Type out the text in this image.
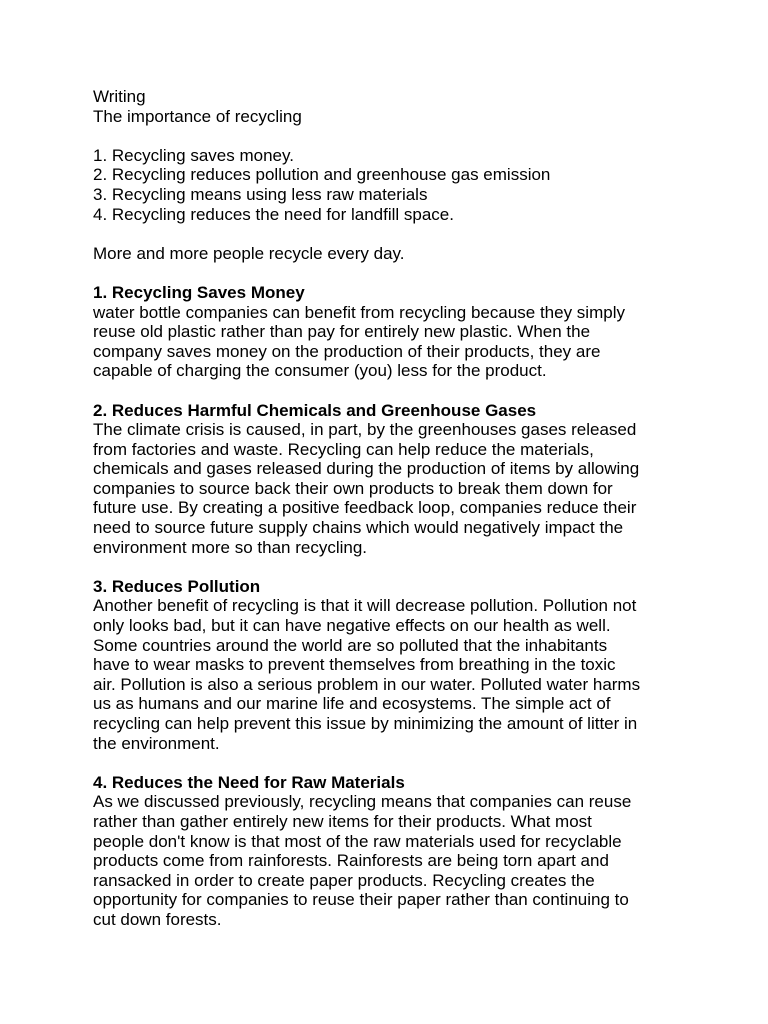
Writing
The importance of recycling
1. Recycling saves money.
2. Recycling reduces pollution and greenhouse gas emission
3. Recycling means using less raw materials
4. Recycling reduces the need for landfill space.
More and more people recycle every day.
1. Recycling Saves Money
water bottle companies can benefit from recycling because they simply
reuse old plastic rather than pay for entirely new plastic. When the
company saves money on the production of their products, they are
capable of charging the consumer (you) less for the product.
2. Reduces Harmful Chemicals and Greenhouse Gases
The climate crisis is caused, in part, by the greenhouses gases released
from factories and waste. Recycling can help reduce the materials,
chemicals and gases released during the production of items by allowing
companies to source back their own products to break them down for
future use. By creating a positive feedback loop, companies reduce their
need to source future supply chains which would negatively impact the
environment more so than recycling.
3. Reduces Pollution
Another benefit of recycling is that it will decrease pollution. Pollution not
only looks bad, but it can have negative effects on our health as well.
Some countries around the world are so polluted that the inhabitants
have to wear masks to prevent themselves from breathing in the toxic
air. Pollution is also a serious problem in our water. Polluted water harms
us as humans and our marine life and ecosystems. The simple act of
recycling can help prevent this issue by minimizing the amount of litter in
the environment.
4. Reduces the Need for Raw Materials
As we discussed previously, recycling means that companies can reuse
rather than gather entirely new items for their products. What most
people don't know is that most of the raw materials used for recyclable
products come from rainforests. Rainforests are being torn apart and
ransacked in order to create paper products. Recycling creates the
opportunity for companies to reuse their paper rather than continuing to
cut down forests.
